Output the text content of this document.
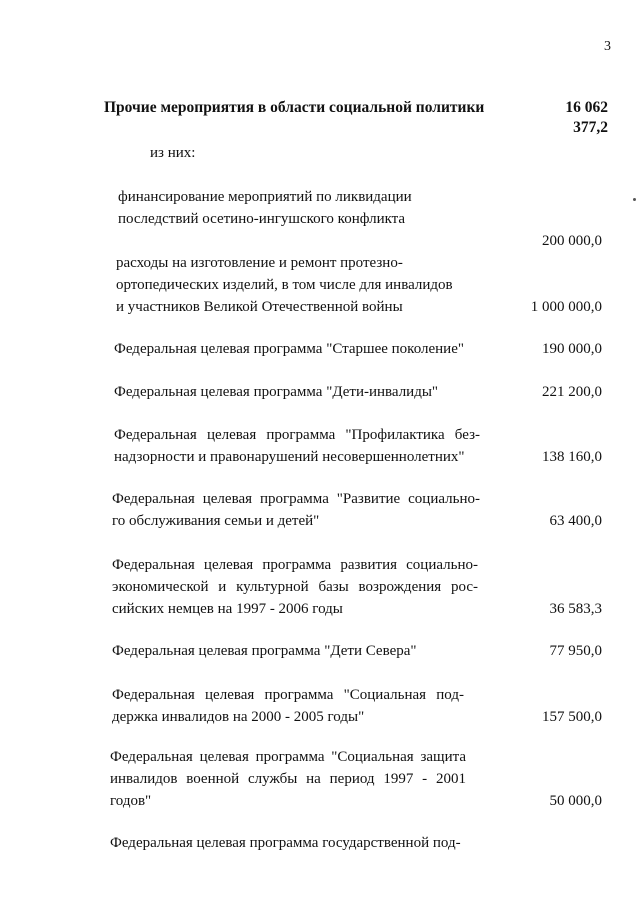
3
Прочие мероприятия в области социальной политики	16 062 377,2
из них:
финансирование мероприятий по ликвидации
последствий осетино-ингушского конфликта
200 000,0
расходы на изготовление и ремонт протезно-
ортопедических изделий, в том числе для инвалидов
и участников Великой Отечественной войны	1 000 000,0
Федеральная целевая программа "Старшее поколение"	190 000,0
Федеральная целевая программа "Дети-инвалиды"	221 200,0
Федеральная целевая программа "Профилактика без-
надзорности и правонарушений несовершеннолетних"	138 160,0
Федеральная целевая программа "Развитие социально-
го обслуживания семьи и детей"	63 400,0
Федеральная целевая программа развития социально-
экономической и культурной базы возрождения рос-
сийских немцев на 1997 - 2006 годы	36 583,3
Федеральная целевая программа "Дети Севера"	77 950,0
Федеральная целевая программа "Социальная под-
держка инвалидов на 2000 - 2005 годы"	157 500,0
Федеральная целевая программа "Социальная защита
инвалидов военной службы на период 1997 - 2001
годов"	50 000,0
Федеральная целевая программа государственной под-
